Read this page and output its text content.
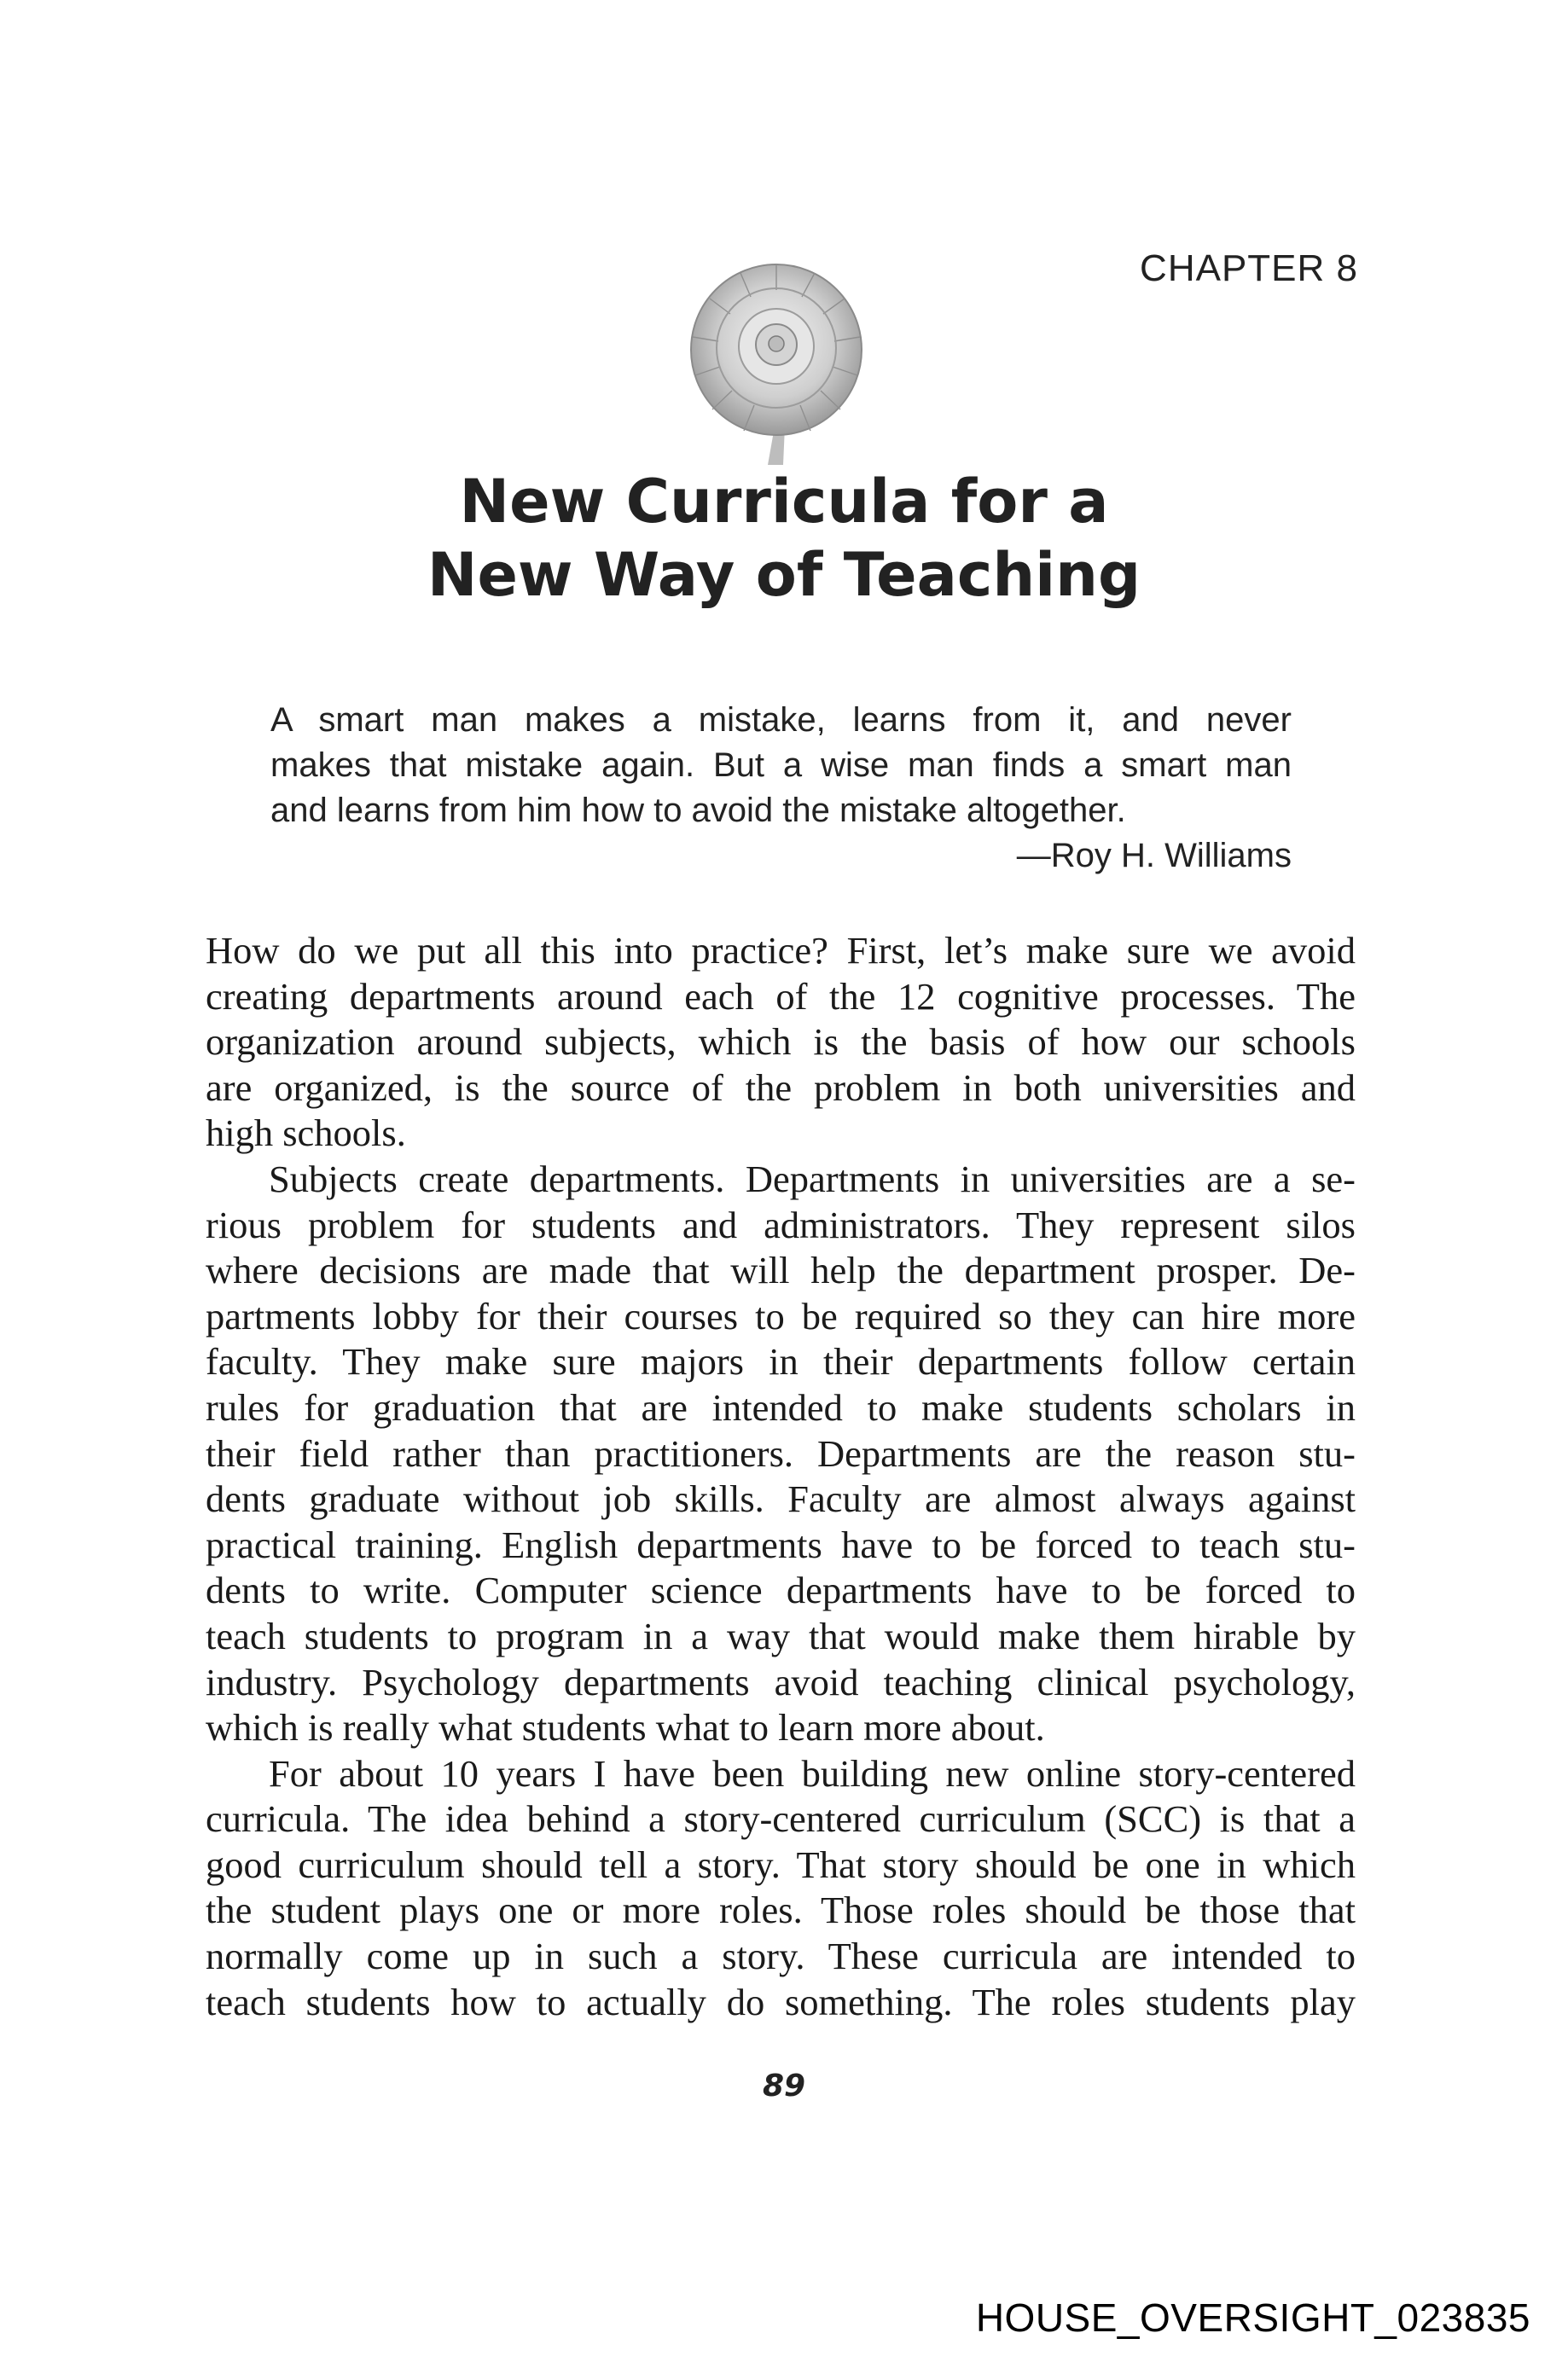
CHAPTER 8
New Curricula for a
New Way of Teaching
A smart man makes a mistake, learns from it, and never
makes that mistake again. But a wise man finds a smart man
and learns from him how to avoid the mistake altogether.
—Roy H. Williams
How do we put all this into practice? First, let’s make sure we avoid
creating departments around each of the 12 cognitive processes. The
organization around subjects, which is the basis of how our schools
are organized, is the source of the problem in both universities and
high schools.
Subjects create departments. Departments in universities are a se-
rious problem for students and administrators. They represent silos
where decisions are made that will help the department prosper. De-
partments lobby for their courses to be required so they can hire more
faculty. They make sure majors in their departments follow certain
rules for graduation that are intended to make students scholars in
their field rather than practitioners. Departments are the reason stu-
dents graduate without job skills. Faculty are almost always against
practical training. English departments have to be forced to teach stu-
dents to write. Computer science departments have to be forced to
teach students to program in a way that would make them hirable by
industry. Psychology departments avoid teaching clinical psychology,
which is really what students what to learn more about.
For about 10 years I have been building new online story-centered
curricula. The idea behind a story-centered curriculum (SCC) is that a
good curriculum should tell a story. That story should be one in which
the student plays one or more roles. Those roles should be those that
normally come up in such a story. These curricula are intended to
teach students how to actually do something. The roles students play
89
HOUSE_OVERSIGHT_023835
